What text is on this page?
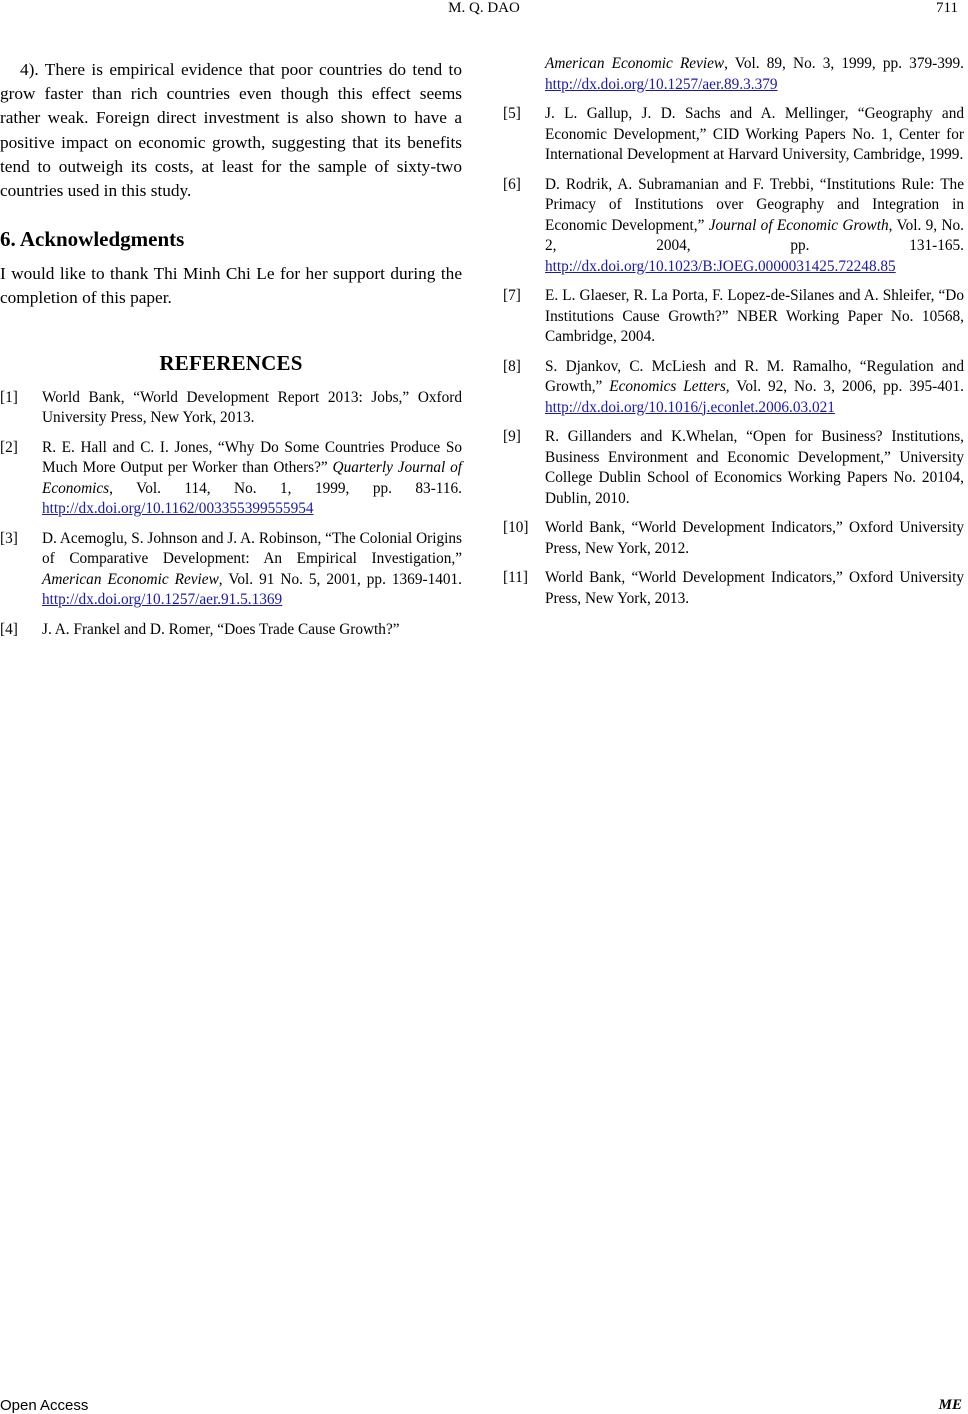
M. Q. DAO	711

4). There is empirical evidence that poor countries do tend to grow faster than rich countries even though this effect seems rather weak. Foreign direct investment is also shown to have a positive impact on economic growth, suggesting that its benefits tend to outweigh its costs, at least for the sample of sixty-two countries used in this study.

6. Acknowledgments

I would like to thank Thi Minh Chi Le for her support during the completion of this paper.

REFERENCES
[1]	World Bank, “World Development Report 2013: Jobs,” Oxford University Press, New York, 2013.
[2]	R. E. Hall and C. I. Jones, “Why Do Some Countries Produce So Much More Output per Worker than Others?” Quarterly Journal of Economics, Vol. 114, No. 1, 1999, pp. 83-116. http://dx.doi.org/10.1162/003355399555954
[3]	D. Acemoglu, S. Johnson and J. A. Robinson, “The Colonial Origins of Comparative Development: An Empirical Investigation,” American Economic Review, Vol. 91 No. 5, 2001, pp. 1369-1401. http://dx.doi.org/10.1257/aer.91.5.1369
[4]	J. A. Frankel and D. Romer, “Does Trade Cause Growth?”
American Economic Review, Vol. 89, No. 3, 1999, pp. 379-399. http://dx.doi.org/10.1257/aer.89.3.379
[5]	J. L. Gallup, J. D. Sachs and A. Mellinger, “Geography and Economic Development,” CID Working Papers No. 1, Center for International Development at Harvard University, Cambridge, 1999.
[6]	D. Rodrik, A. Subramanian and F. Trebbi, “Institutions Rule: The Primacy of Institutions over Geography and Integration in Economic Development,” Journal of Economic Growth, Vol. 9, No. 2, 2004, pp. 131-165. http://dx.doi.org/10.1023/B:JOEG.0000031425.72248.85
[7]	E. L. Glaeser, R. La Porta, F. Lopez-de-Silanes and A. Shleifer, “Do Institutions Cause Growth?” NBER Working Paper No. 10568, Cambridge, 2004.
[8]	S. Djankov, C. McLiesh and R. M. Ramalho, “Regulation and Growth,” Economics Letters, Vol. 92, No. 3, 2006, pp. 395-401. http://dx.doi.org/10.1016/j.econlet.2006.03.021
[9]	R. Gillanders and K.Whelan, “Open for Business? Institutions, Business Environment and Economic Development,” University College Dublin School of Economics Working Papers No. 20104, Dublin, 2010.
[10]	World Bank, “World Development Indicators,” Oxford University Press, New York, 2012.
[11]	World Bank, “World Development Indicators,” Oxford University Press, New York, 2013.
Open Access	ME
